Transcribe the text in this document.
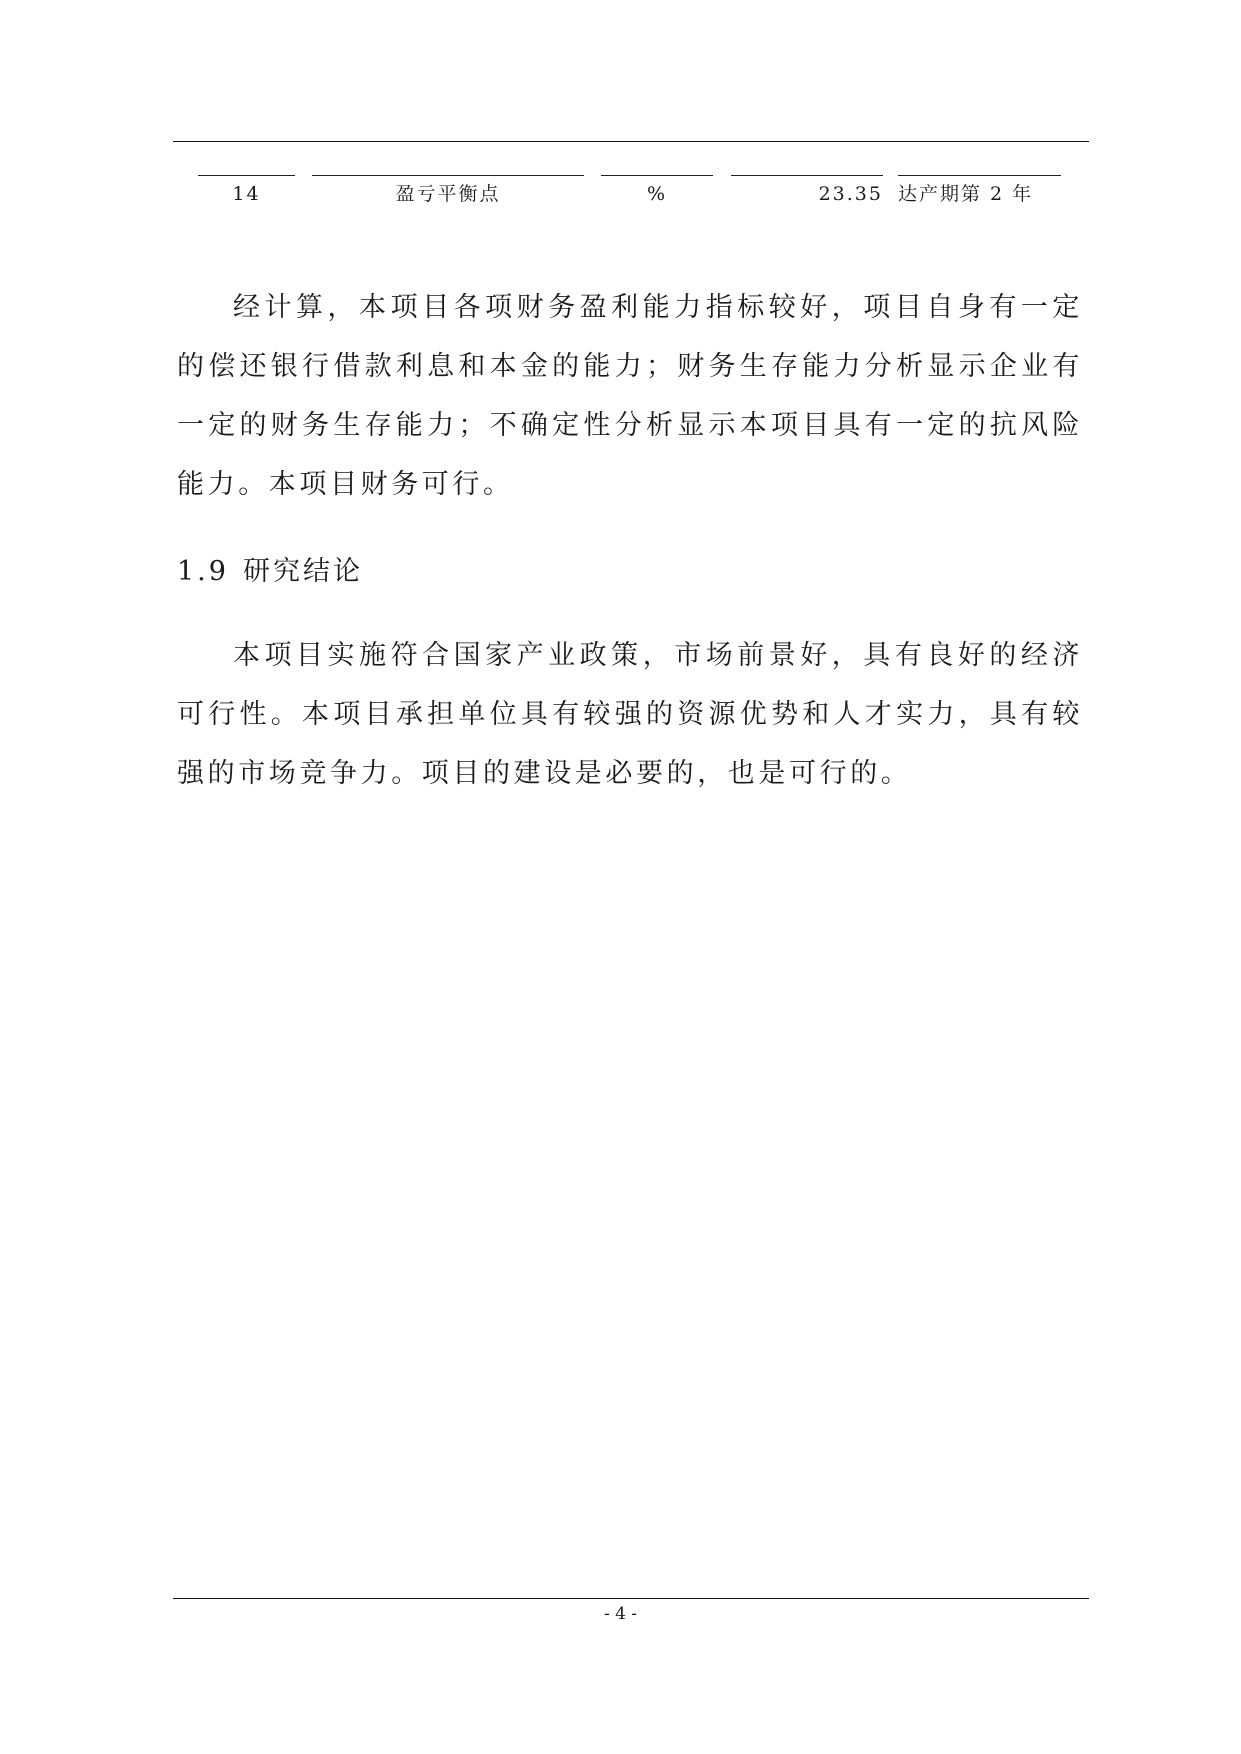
14	盈亏平衡点	%	23.35 达产期第 2 年

经计算，本项目各项财务盈利能力指标较好，项目自身有一定的偿还银行借款利息和本金的能力；财务生存能力分析显示企业有一定的财务生存能力；不确定性分析显示本项目具有一定的抗风险能力。本项目财务可行。

1.9 研究结论

本项目实施符合国家产业政策，市场前景好，具有良好的经济可行性。本项目承担单位具有较强的资源优势和人才实力，具有较强的市场竞争力。项目的建设是必要的，也是可行的。

- 4 -
